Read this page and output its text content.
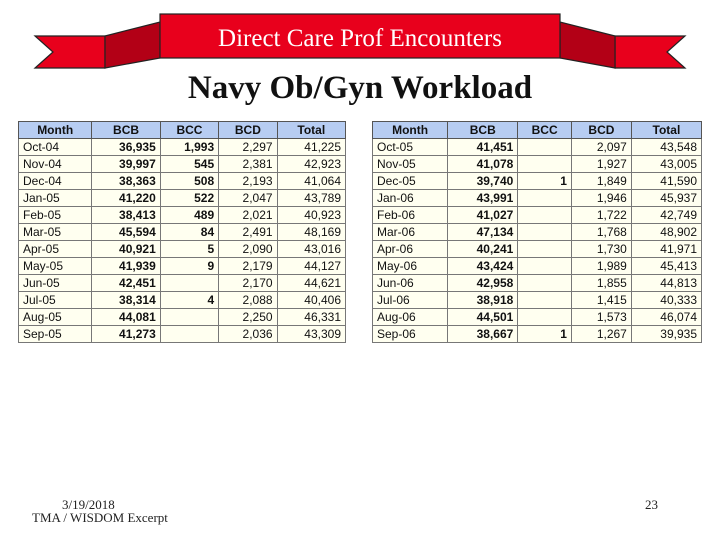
Direct Care Prof Encounters
Navy Ob/Gyn Workload
Month	BCB	BCC	BCD	Total
Oct-04	36,935	1,993	2,297	41,225
Nov-04	39,997	545	2,381	42,923
Dec-04	38,363	508	2,193	41,064
Jan-05	41,220	522	2,047	43,789
Feb-05	38,413	489	2,021	40,923
Mar-05	45,594	84	2,491	48,169
Apr-05	40,921	5	2,090	43,016
May-05	41,939	9	2,179	44,127
Jun-05	42,451		2,170	44,621
Jul-05	38,314	4	2,088	40,406
Aug-05	44,081		2,250	46,331
Sep-05	41,273		2,036	43,309
Month	BCB	BCC	BCD	Total
Oct-05	41,451		2,097	43,548
Nov-05	41,078		1,927	43,005
Dec-05	39,740	1	1,849	41,590
Jan-06	43,991		1,946	45,937
Feb-06	41,027		1,722	42,749
Mar-06	47,134		1,768	48,902
Apr-06	40,241		1,730	41,971
May-06	43,424		1,989	45,413
Jun-06	42,958		1,855	44,813
Jul-06	38,918		1,415	40,333
Aug-06	44,501		1,573	46,074
Sep-06	38,667	1	1,267	39,935
3/19/2018
TMA / WISDOM Excerpt
23
